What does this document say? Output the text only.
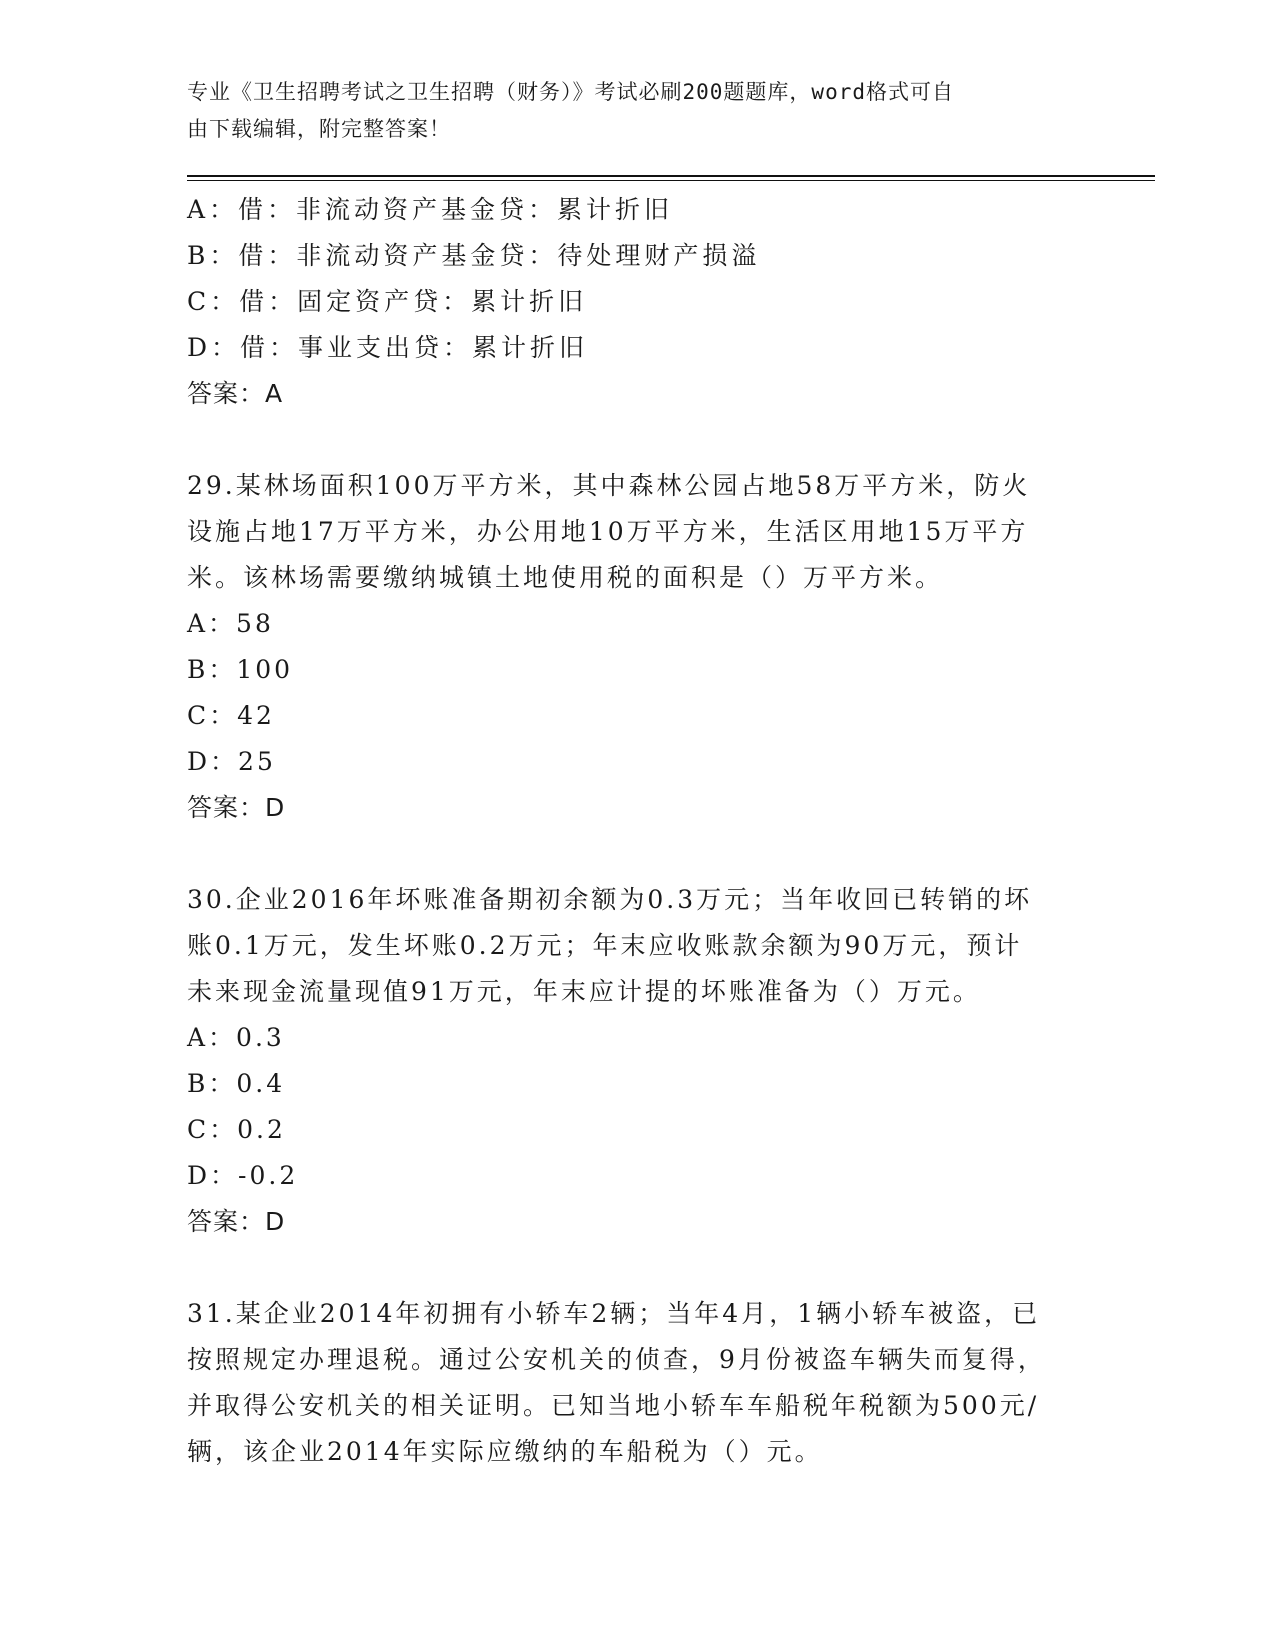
专业《卫生招聘考试之卫生招聘（财务）》考试必刷200题题库，word格式可自
由下载编辑，附完整答案！
A：借：非流动资产基金贷：累计折旧
B：借：非流动资产基金贷：待处理财产损溢
C：借：固定资产贷：累计折旧
D：借：事业支出贷：累计折旧
答案：A
29.某林场面积100万平方米，其中森林公园占地58万平方米，防火
设施占地17万平方米，办公用地10万平方米，生活区用地15万平方
米。该林场需要缴纳城镇土地使用税的面积是（）万平方米。
A：58
B：100
C：42
D：25
答案：D
30.企业2016年坏账准备期初余额为0.3万元；当年收回已转销的坏
账0.1万元，发生坏账0.2万元；年末应收账款余额为90万元，预计
未来现金流量现值91万元，年末应计提的坏账准备为（）万元。
A：0.3
B：0.4
C：0.2
D：-0.2
答案：D
31.某企业2014年初拥有小轿车2辆；当年4月，1辆小轿车被盗，已
按照规定办理退税。通过公安机关的侦查，9月份被盗车辆失而复得，
并取得公安机关的相关证明。已知当地小轿车车船税年税额为500元/
辆，该企业2014年实际应缴纳的车船税为（）元。
